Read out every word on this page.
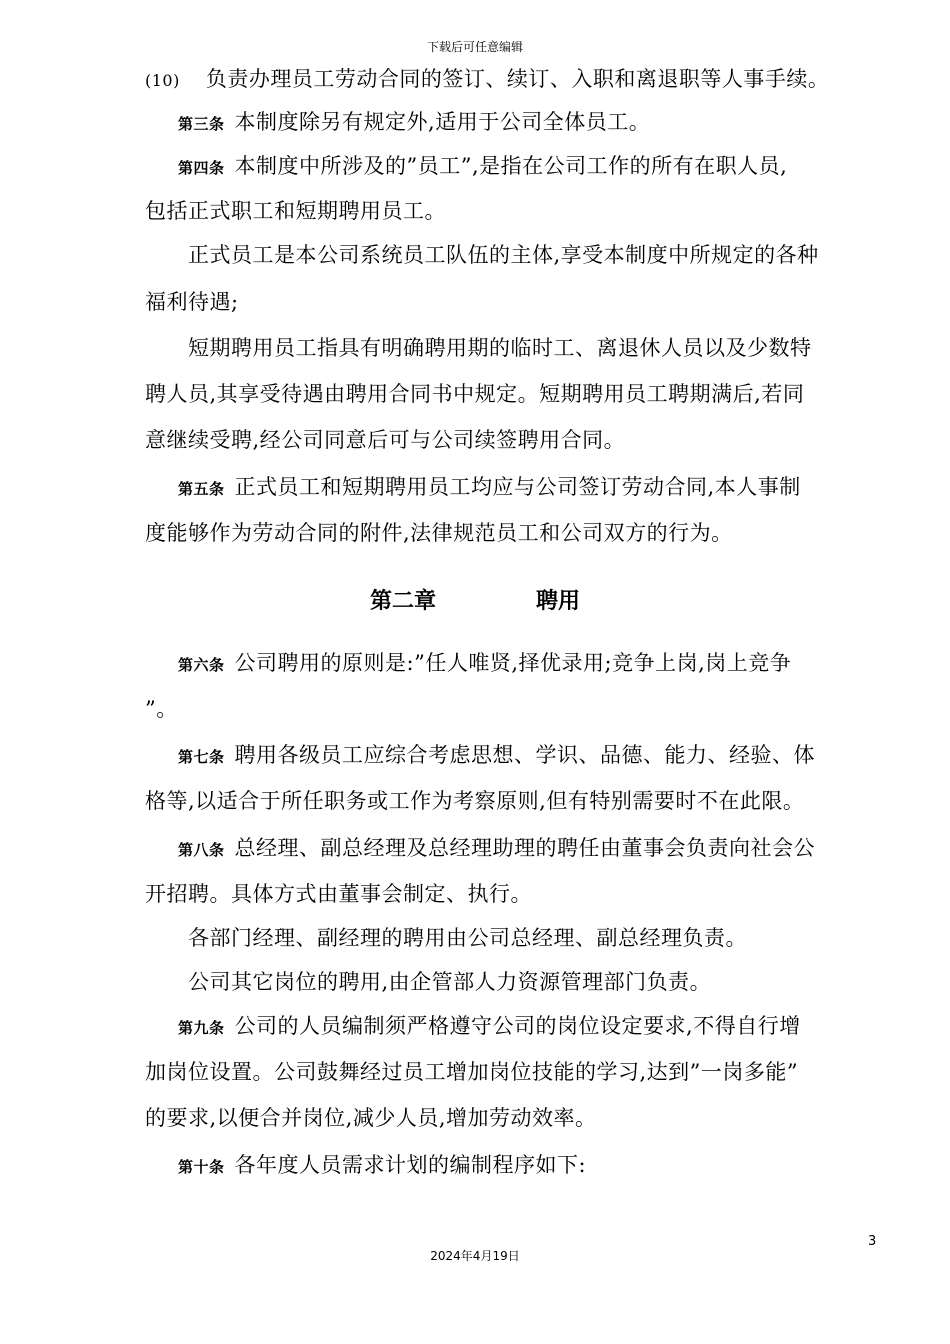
下载后可任意编辑
(10) 负责办理员工劳动合同的签订、续订、入职和离退职等人事手续。
第三条 本制度除另有规定外,适用于公司全体员工。
第四条 本制度中所涉及的”员工”,是指在公司工作的所有在职人员,
包括正式职工和短期聘用员工。
正式员工是本公司系统员工队伍的主体,享受本制度中所规定的各种
福利待遇;
短期聘用员工指具有明确聘用期的临时工、离退休人员以及少数特
聘人员,其享受待遇由聘用合同书中规定。短期聘用员工聘期满后,若同
意继续受聘,经公司同意后可与公司续签聘用合同。
第五条 正式员工和短期聘用员工均应与公司签订劳动合同,本人事制
度能够作为劳动合同的附件,法律规范员工和公司双方的行为。
第二章	聘用
第六条 公司聘用的原则是:”任人唯贤,择优录用;竞争上岗,岗上竞争
”。
第七条 聘用各级员工应综合考虑思想、学识、品德、能力、经验、体
格等,以适合于所任职务或工作为考察原则,但有特别需要时不在此限。
第八条 总经理、副总经理及总经理助理的聘任由董事会负责向社会公
开招聘。具体方式由董事会制定、执行。
各部门经理、副经理的聘用由公司总经理、副总经理负责。
公司其它岗位的聘用,由企管部人力资源管理部门负责。
第九条 公司的人员编制须严格遵守公司的岗位设定要求,不得自行增
加岗位设置。公司鼓舞经过员工增加岗位技能的学习,达到”一岗多能”
的要求,以便合并岗位,减少人员,增加劳动效率。
第十条 各年度人员需求计划的编制程序如下:
3
2024年4月19日
